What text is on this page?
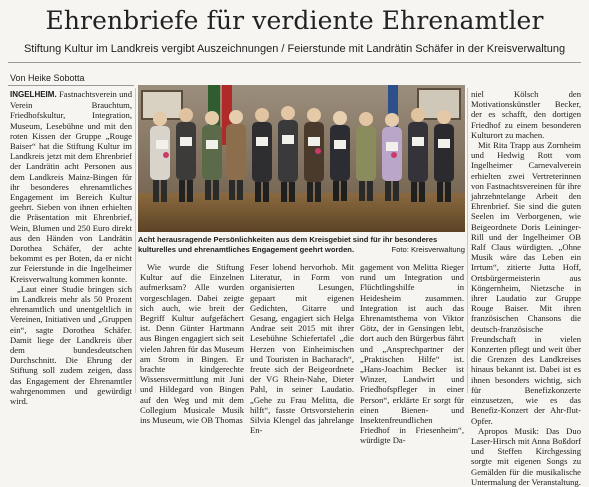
Ehrenbriefe für verdiente Ehrenamtler
Stiftung Kultur im Landkreis vergibt Auszeichnungen / Feierstunde mit Landrätin Schäfer in der Kreisverwaltung
Von Heike Sobotta

INGELHEIM. Fastnachtsverein und Verein Brauchtum, Friedhofskultur, Integration, Museum, Lesebühne und mit den roten Kissen der Gruppe „Rouge Baiser“ hat die Stiftung Kultur im Landkreis jetzt mit dem Ehrenbrief der Landrätin acht Personen aus dem Landkreis Mainz-Bingen für ihr besonderes ehrenamtliches Engagement im Bereich Kultur geehrt. Sieben von ihnen erhielten die Präsentation mit Ehrenbrief, Wein, Blumen und 250 Euro direkt aus den Händen von Landrätin Dorothea Schäfer, der achte bekommt es per Boten, da er nicht zur Feierstunde in die Ingelheimer Kreisverwaltung kommen konnte.

„Laut einer Studie bringen sich im Landkreis mehr als 50 Prozent ehrenamtlich und unentgeltlich in Vereinen, Initiativen und „Gruppen ein“, sagte Dorothea Schäfer. Damit liege der Landkreis über dem bundesdeutschen Durchschnitt. Die Ehrung der Stiftung soll zudem zeigen, dass das Engagement der Ehrenamtler wahrgenommen und gewürdigt wird.

Acht herausragende Persönlichkeiten aus dem Kreisgebiet sind für ihr besonderes kulturelles und ehrenamtliches Engagement geehrt worden.	Foto: Kreisverwaltung

Wie wurde die Stiftung Kultur auf die Einzelnen aufmerksam? Alle wurden vorgeschlagen. Dabei zeigte sich auch, wie breit der Begriff Kultur aufgefächert ist. Denn Günter Hartmann aus Bingen engagiert sich seit vielen Jahren für das Museum am Strom in Bingen. Er brachte kindgerechte Wissensvermittlung mit Juni und Hildegard von Bingen auf den Weg und mit dem Collegium Musicale Musik ins Museum, wie OB Thomas

Feser lobend hervorhob. Mit Literatur, in Form von organisierten Lesungen, gepaart mit eigenen Gedichten, Gitarre und Gesang, engagiert sich Helga Andrae seit 2015 mit ihrer Lesebühne Schiefertafel „die Herzen von Einheimischen und Touristen in Bacharach“, freute sich der Beigeordnete der VG Rhein-Nahe, Dieter Pahl, in seiner Laudatio. „Gehe zu Frau Melitta, die hilft“, fasste Ortsvorsteherin Silvia Klengel das jahrelange En-

gagement von Melitta Rieger rund um Integration und Flüchtlingshilfe in Heidesheim zusammen. Integration ist auch das Ehrenamtsthema von Viktor Götz, der in Gensingen lebt, dort auch den Bürgerbus fährt und „Ansprechpartner der „Praktischen Hilfe“ ist. „Hans-Joachim Becker ist Winzer, Landwirt und Friedhofspfleger in einer Person“, erklärte Er sorgt für einen Bienen- und Insektenfreundlichen Friedhof in Friesenheim“, würdigte Da-

niel Kölsch den Motivationskünstler Becker, der es schafft, den dortigen Friedhof zu einem besonderen Kulturort zu machen.

Mit Rita Trapp aus Zornheim und Hedwig Rott vom Ingelheimer Carnevalverein erhielten zwei Vertreterinnen von Fastnachtsvereinen für ihre jahrzehntelange Arbeit den Ehrenbrief. Sie sind die guten Seelen im Verborgenen, wie Beigeordnete Doris Leininger-Rill und der Ingelheimer OB Ralf Claus würdigten. „Ohne Musik wäre das Leben ein Irrtum“, zitierte Jutta Hoff, Ortsbürgermeisterin aus Köngernheim, Nietzsche in ihrer Laudatio zur Gruppe Rouge Baiser. Mit ihren französischen Chansons die deutsch-französische Freundschaft in vielen Konzerten pflegt und weit über die Grenzen des Landkreises hinaus bekannt ist. Dabei ist es ihnen besonders wichtig, sich für Benefizkonzerte einzusetzen, wie es das Benefiz-Konzert der Ahr-flut-Opfer.

Apropos Musik: Das Duo Laser-Hirsch mit Anna Boßdorf und Steffen Kirchgessing sorgte mit eigenen Songs zu Gemälden für die musikalische Untermalung der Veranstaltung.
